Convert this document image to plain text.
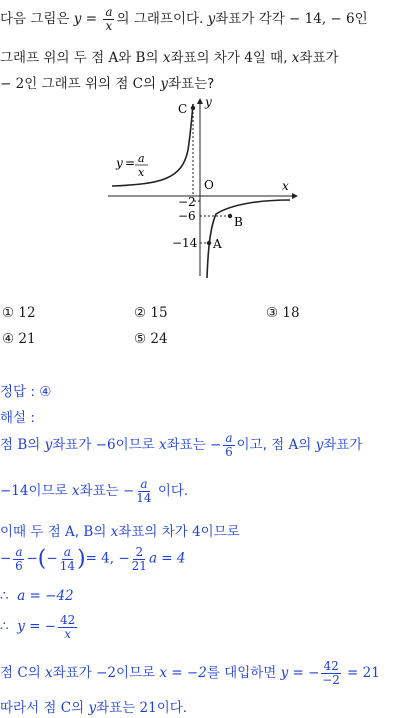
다음 그림은 $y = \frac{a}{x}$ 의 그래프이다. y좌표가 각각 − 14, − 6인
그래프 위의 두 점 A와 B의 x좌표의 차가 4일 때, x좌표가
− 2인 그래프 위의 점 C의 y좌표는?
C y
x
O
−2
−6
−14
B
A
y = a
x
① 12	② 15	③ 18
④ 21	⑤ 24
정답 : ④
해설 :
점 B의 y좌표가 −6이므로 x좌표는 − $\frac{a}{6}$ 이고, 점 A의 y좌표가
−14이므로 x좌표는 − $\frac{a}{14}$ 이다.
이때 두 점 A, B의 x좌표의 차가 4이므로
− $\frac{a}{6}$ −(− $\frac{a}{14}$ )= 4, − $\frac{2}{21}$ a = 4
∴ a = −42
∴ y = − $\frac{42}{x}$
점 C의 x좌표가 −2이므로 x = −2를 대입하면 y = − $\frac{42}{-2} = 21$
따라서 점 C의 y좌표는 21이다.
